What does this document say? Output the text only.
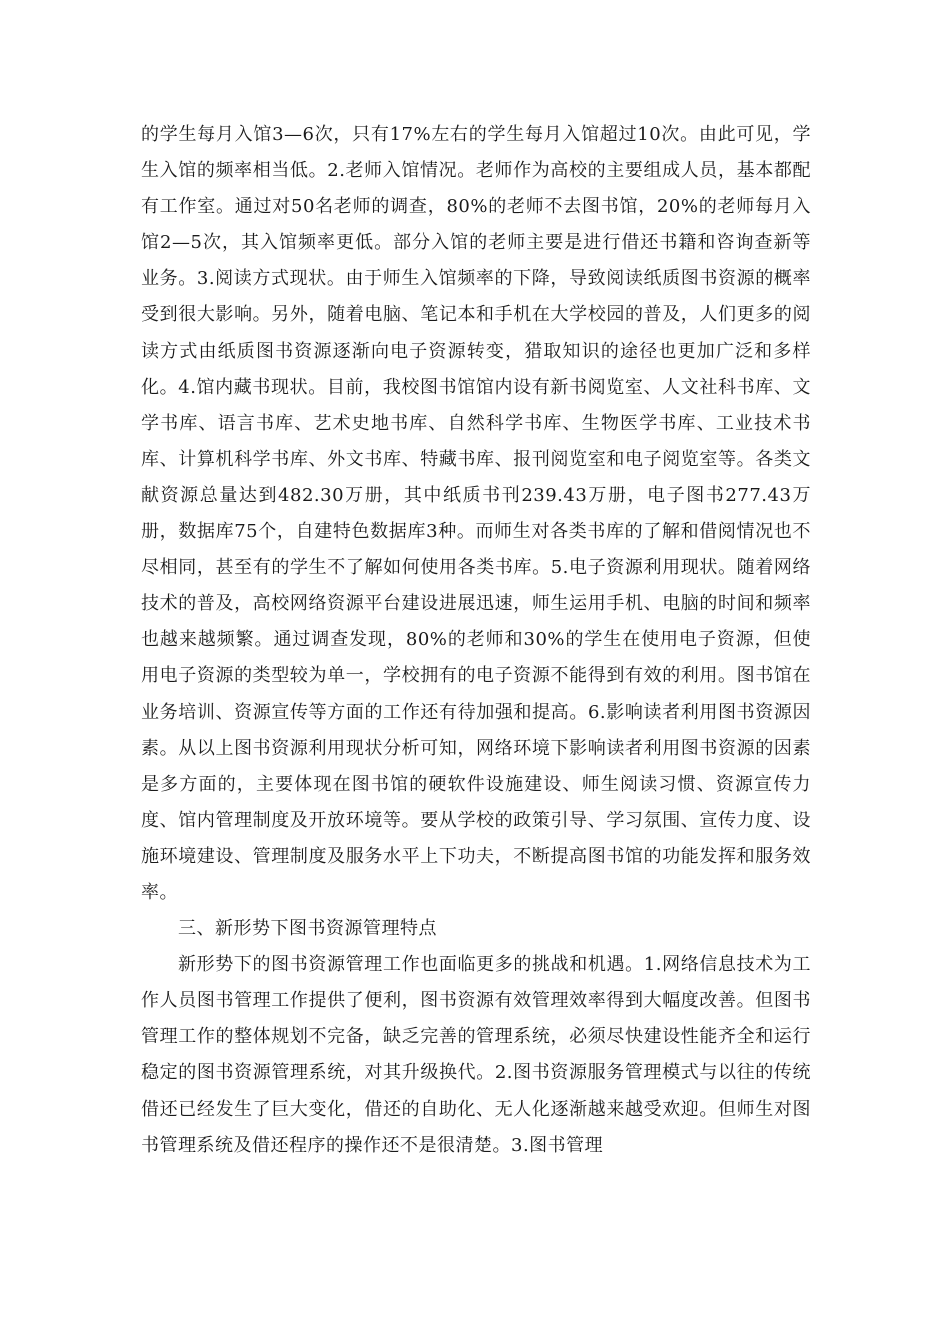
的学生每月入馆3—6次，只有17%左右的学生每月入馆超过10次。由此可见，学生入馆的频率相当低。2.老师入馆情况。老师作为高校的主要组成人员，基本都配有工作室。通过对50名老师的调查，80%的老师不去图书馆，20%的老师每月入馆2—5次，其入馆频率更低。部分入馆的老师主要是进行借还书籍和咨询查新等业务。3.阅读方式现状。由于师生入馆频率的下降，导致阅读纸质图书资源的概率受到很大影响。另外，随着电脑、笔记本和手机在大学校园的普及，人们更多的阅读方式由纸质图书资源逐渐向电子资源转变，猎取知识的途径也更加广泛和多样化。4.馆内藏书现状。目前，我校图书馆馆内设有新书阅览室、人文社科书库、文学书库、语言书库、艺术史地书库、自然科学书库、生物医学书库、工业技术书库、计算机科学书库、外文书库、特藏书库、报刊阅览室和电子阅览室等。各类文献资源总量达到482.30万册，其中纸质书刊239.43万册，电子图书277.43万册，数据库75个，自建特色数据库3种。而师生对各类书库的了解和借阅情况也不尽相同，甚至有的学生不了解如何使用各类书库。5.电子资源利用现状。随着网络技术的普及，高校网络资源平台建设进展迅速，师生运用手机、电脑的时间和频率也越来越频繁。通过调查发现，80%的老师和30%的学生在使用电子资源，但使用电子资源的类型较为单一，学校拥有的电子资源不能得到有效的利用。图书馆在业务培训、资源宣传等方面的工作还有待加强和提高。6.影响读者利用图书资源因素。从以上图书资源利用现状分析可知，网络环境下影响读者利用图书资源的因素是多方面的，主要体现在图书馆的硬软件设施建设、师生阅读习惯、资源宣传力度、馆内管理制度及开放环境等。要从学校的政策引导、学习氛围、宣传力度、设施环境建设、管理制度及服务水平上下功夫，不断提高图书馆的功能发挥和服务效率。

三、新形势下图书资源管理特点

新形势下的图书资源管理工作也面临更多的挑战和机遇。1.网络信息技术为工作人员图书管理工作提供了便利，图书资源有效管理效率得到大幅度改善。但图书管理工作的整体规划不完备，缺乏完善的管理系统，必须尽快建设性能齐全和运行稳定的图书资源管理系统，对其升级换代。2.图书资源服务管理模式与以往的传统借还已经发生了巨大变化，借还的自助化、无人化逐渐越来越受欢迎。但师生对图书管理系统及借还程序的操作还不是很清楚。3.图书管理
